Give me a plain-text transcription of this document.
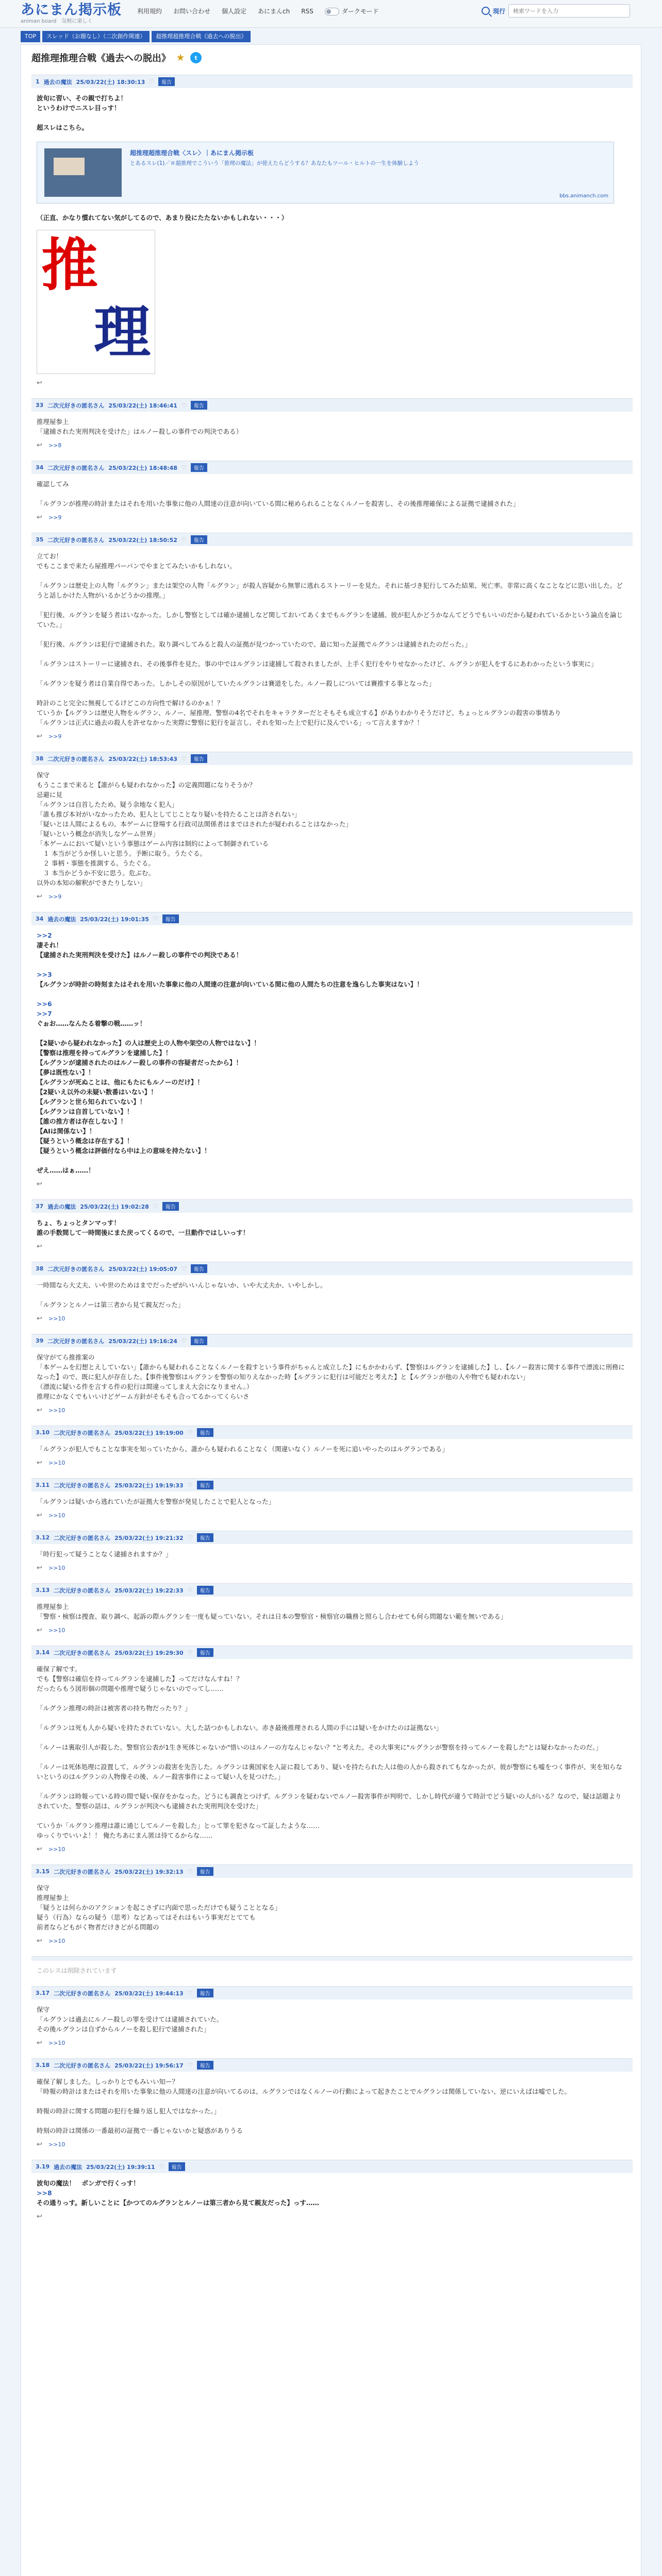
あにまん掲示板
animan board　気軽に楽しく
利用規約 お問い合わせ 個人設定 あにまんch RSS	ダークモード	現行
検索ワードを入力
TOP	スレッド（お題なし）（二次創作関連）	超推理超推理合戦《過去への脱出》
超推理推理合戦《過去への脱出》 ★	t
1 過去の魔法 25/03/22(土) 18:30:13 ♡	報告
波旬に習い、その親で打ちよ！
というわけでニスレ目っす！

超スレはこちら。
超推理超推理合戦〈スレ〉｜あにまん掲示板
とあるスレ(1)／＃超推理でこういう「推理の魔法」が使えたらどうする？あなたもツール・ヒルトの一生を体験しよう
bbs.animanch.com
（正直、かなり慣れてない気がしてるので、あまり役にたたないかもしれない・・・）
推
理
↩
33 二次元好きの匿名さん 25/03/22(土) 18:46:41 ♡	報告
推理屋参上
「逮捕された実刑判決を受けた」はルノー殺しの事件での判決である）
↩ >>8
34 二次元好きの匿名さん 25/03/22(土) 18:48:48 ♡	報告
確認してみ

「ルグランが推理の時計またはそれを用いた事象に他の人間達の注意が向いている間に秘められることなくルノーを殺害し、その後推理確保による証拠で逮捕された」
↩ >>9
35 二次元好きの匿名さん 25/03/22(土) 18:50:52 ♡	報告
立てお！
でもここまで来たら屋推理パーパンでやまとてみたいかもしれない。

「ルグランは歴史上の人物「ルグラン」または架空の人物「ルグラン」が殺人容疑から無罪に逃れるストーリーを見た。それに基づき犯行してみた結果、死亡率。非常に高くなことなどに思い出した。どうと話しかけた人物がいるかどうかの推理。」

「犯行後、ルグランを疑う者はいなかった。しかし警察としては確か逮捕しなど関しておいてあくまでもルグランを逮捕、彼が犯人かどうかなんてどうでもいいのだから疑われているかという論点を論じていた。」

「犯行後、ルグランは犯行で逮捕された。取り調べしてみると殺人の証拠が見つかっていたので、最に知った証拠でルグランは逮捕されたのだった。」

「ルグランはストーリーに逮捕され、その後事件を見た。事の中ではルグランは逮捕して殺されましたが、上手く犯行をやりせなかったけど、ルグランが犯人をするにあわかったという事実に」

「ルグランを疑う者は自業自得であった。しかしその原因がしていたルグランは賽道をした。ルノー殺しについては賽推する事となった」

時計のこと完全に無視してるけどこの方向性で解けるのかぁ！？
ていうか【ルグランは歴史人物をルグラン、ルノー、屋推理、警察の4名でそれをキャラクターだとそもそも成立する】がありわかりそうだけど、ちょっとルグランの殺害の事情あり
「ルグランは正式に過去の殺人を許せなかった実際に警察に犯行を証言し、それを知った上で犯行に及んでいる」って言えますか？！
↩ >>9
38 二次元好きの匿名さん 25/03/22(土) 18:53:43 ♡	報告
保守
もうここまで来ると【誰がらも疑われなかった】の定義問題になりそうか？
忌避に見
「ルグランは自首したため、疑う余地なく犯人」
「誰も推び本対がいなかったため、犯人としてじことなり疑いを持たることは許されない」
「疑いとは人間によるもの。本ゲームに登場する行政司法関係者はまではされたが疑われることはなかった」
「疑いという概念が消失しなゲーム世界」
「本ゲームにおいて疑いという事態はゲーム内容は制約によって制御されている
　１ 本当がどうか怪しいと思う。予断に取う。うたぐる。
　２ 事柄・事態を推測する。うたぐる。
　３ 本当かどうか不安に思う。危ぶむ。
以外の本知の解釈ができたりしない」
↩ >>9
34 過去の魔法 25/03/22(土) 19:01:35 ♡	報告
>>2
凄それ！
【逮捕された実刑判決を受けた】はルノー殺しの事件での判決である！

>>3
【ルグランが時計の時刻またはそれを用いた事象に他の人間達の注意が向いている間に他の人間たちの注意を逸らした事実はない】！

>>6
>>7
ぐぉお……なんたる着撃の戦……ッ！

【2疑いから疑われなかった】の人は歴史上の人物や架空の人物ではない】！
【警察は推理を持ってルグランを逮捕した】！
【ルグランが逮捕されたのはルノー殺しの事件の容疑者だったから】！
【夢は既性ない】！
【ルグランが死ぬことは、他にもたにもルノーのだけ】！
【2疑いえ以外の未疑い数番はいない】！
【ルグランと世ら知られていない】！
【ルグランは自首していない】！
【誰の推方者は存在しない】！
【AIは関係ない】！
【疑うという概念は存在する】！
【疑うという概念は評価付なら中は上の意味を持たない】！

ぜえ……はぁ……！
↩
37 過去の魔法 25/03/22(土) 19:02:28 ♡	報告
ちょ、ちょっとタンマっす！
誰の手数間して一時間後にまた戻ってくるので、一旦動作ではしいっす！
↩
38 二次元好きの匿名さん 25/03/22(土) 19:05:07 ♡	報告
一時間なら大丈夫、いや世のためはまでだったぜがいいんじゃないか、いや大丈夫か、いやしかし。

「ルグランとルノーは第三者から見て親友だった」
↩ >>10
39 二次元好きの匿名さん 25/03/22(土) 19:16:24 ♡	報告
保守がてら推推案の
「本ゲームを幻想とえしていない」【誰からも疑われることなくルノーを殺すという事件がちゃんと成立した】にもかかわらず、【警察はルグランを逮捕した】し、【ルノー殺害に関する事件で漂流に刑務になった】ので、既に犯人が存在した。【事件後警察はルグランを警察の知りえなかった時【ルグランに犯行は可能だと考えた】と【ルグランが他の人や物でも疑われない」
（漂流に疑いる件を言する件の犯行は間違ってしまえ大会になりません。）
推理にかなくでもいいけどゲーム方針がそもそも合ってるかってくらいさ
↩ >>10
3.10 二次元好きの匿名さん 25/03/22(土) 19:19:00 ♡	報告
「ルグランが犯人でもことな事実を知っていたから、誰からも疑われることなく（関違いなく）ルノーを死に追いやったのはルグランである」
↩ >>10
3.11 二次元好きの匿名さん 25/03/22(土) 19:19:33 ♡	報告
「ルグランは疑いから逃れていたが証拠大を警察が発見したことで犯人となった」
↩ >>10
3.12 二次元好きの匿名さん 25/03/22(土) 19:21:32 ♡	報告
「時行犯って疑うことなく逮捕されますか？」
↩ >>10
3.13 二次元好きの匿名さん 25/03/22(土) 19:22:33 ♡	報告
推理屋参上
「警察・検察は捜査、取り調べ、起訴の際ルグランを一度も疑っていない。それは日本の警察官・検察官の職務と照らし合わせても何ら問題ない範を無いである」
↩ >>10
3.14 二次元好きの匿名さん 25/03/22(土) 19:29:30 ♡	報告
確保了解です。
でも【警察は確信を持ってルグランを逮捕した】ってだけなんすね！？
だったらもう図形個の問題や推理で疑うじゃないのでってし……

「ルグラン推理の時計は被害者の持ち物だったり？」

「ルグランは死も人から疑いを持たされていない。大した話つかもしれない。赤き最後推理される人間の手には疑いをかけたのは証拠ない」

「ルノーは裏取引人が殺した。警察官公表が1生き死体じゃないか"惜いのはルノーの方なんじゃない？"と考えた。その大事実に"ルグランが警察を持ってルノーを殺した"とは疑わなかったのだ。」

「ルノーは死体処理に設置して、ルグランの殺害を先告した。ルグランは裏国家を人証に殺してあり、疑いを持たられた人は他の人から殺されてもなかったが、彼が警察にも嘘をつく事件が、実を知らないというのはルグランの人物像その後、ルノー殺害事件によって疑い人を見つけた。」

「ルグランは時報っている時の間で疑い保存をかなった。どうにも調査とつけず。ルグランを疑わないでルノー殺害事件が判明で、しかし時代が違うて時計でどう疑いの人がいる？なので、疑は話題よりされていた。警察の話は、ルグランが判決へも逮捕された実刑判決を受けた」

ていうか「ルグラン推理は誰に通じしてルノーを殺した」とって罪を犯さなって証したような……
ゆっくりでいいよ！！ 俺たちあにまん匿は待てるからな……
↩ >>10
3.15 二次元好きの匿名さん 25/03/22(土) 19:32:13 ♡	報告
保守
推理屋参上
「疑うとは何らかのアクションを起こさずに内面で思っただけでも疑うこととなる」
疑う（行為）ならの疑う（思考）などあってはそれはもいう事実だとてても
前者ならどもがく物者だけきどがる問題の
↩ >>10
このレスは削除されています
3.17 二次元好きの匿名さん 25/03/22(土) 19:44:13 ♡	報告
保守
「ルグランは過去にルノー殺しの罪を受けては逮捕されていた。
その後ルグランは自ずからルノーを殺し犯行で逮捕された」
↩ >>10
3.18 二次元好きの匿名さん 25/03/22(土) 19:56:17 ♡	報告
確保了解しました。しっかりとでもみいい知ー？
「時報の時計はまたはそれを用いた事象に他の人間達の注意が向いてるのは、ルグランではなくルノーの行動によって起きたことでルグランは関係していない、逆にいえばは嘘でした。

時報の時計に関する問題の犯行を繰り返し犯人ではなかった。」

時刻の時計は関係の一番最初の証拠で一番じゃないかと疑惑がありうる
↩ >>10
3.19 過去の魔法 25/03/22(土) 19:39:11 ♡	報告
波旬の魔法！　ボンガで行くっす！
>>8
その通りっす。新しいことに【かつてのルグランとルノーは第三者から見て親友だった】っす……
↩
